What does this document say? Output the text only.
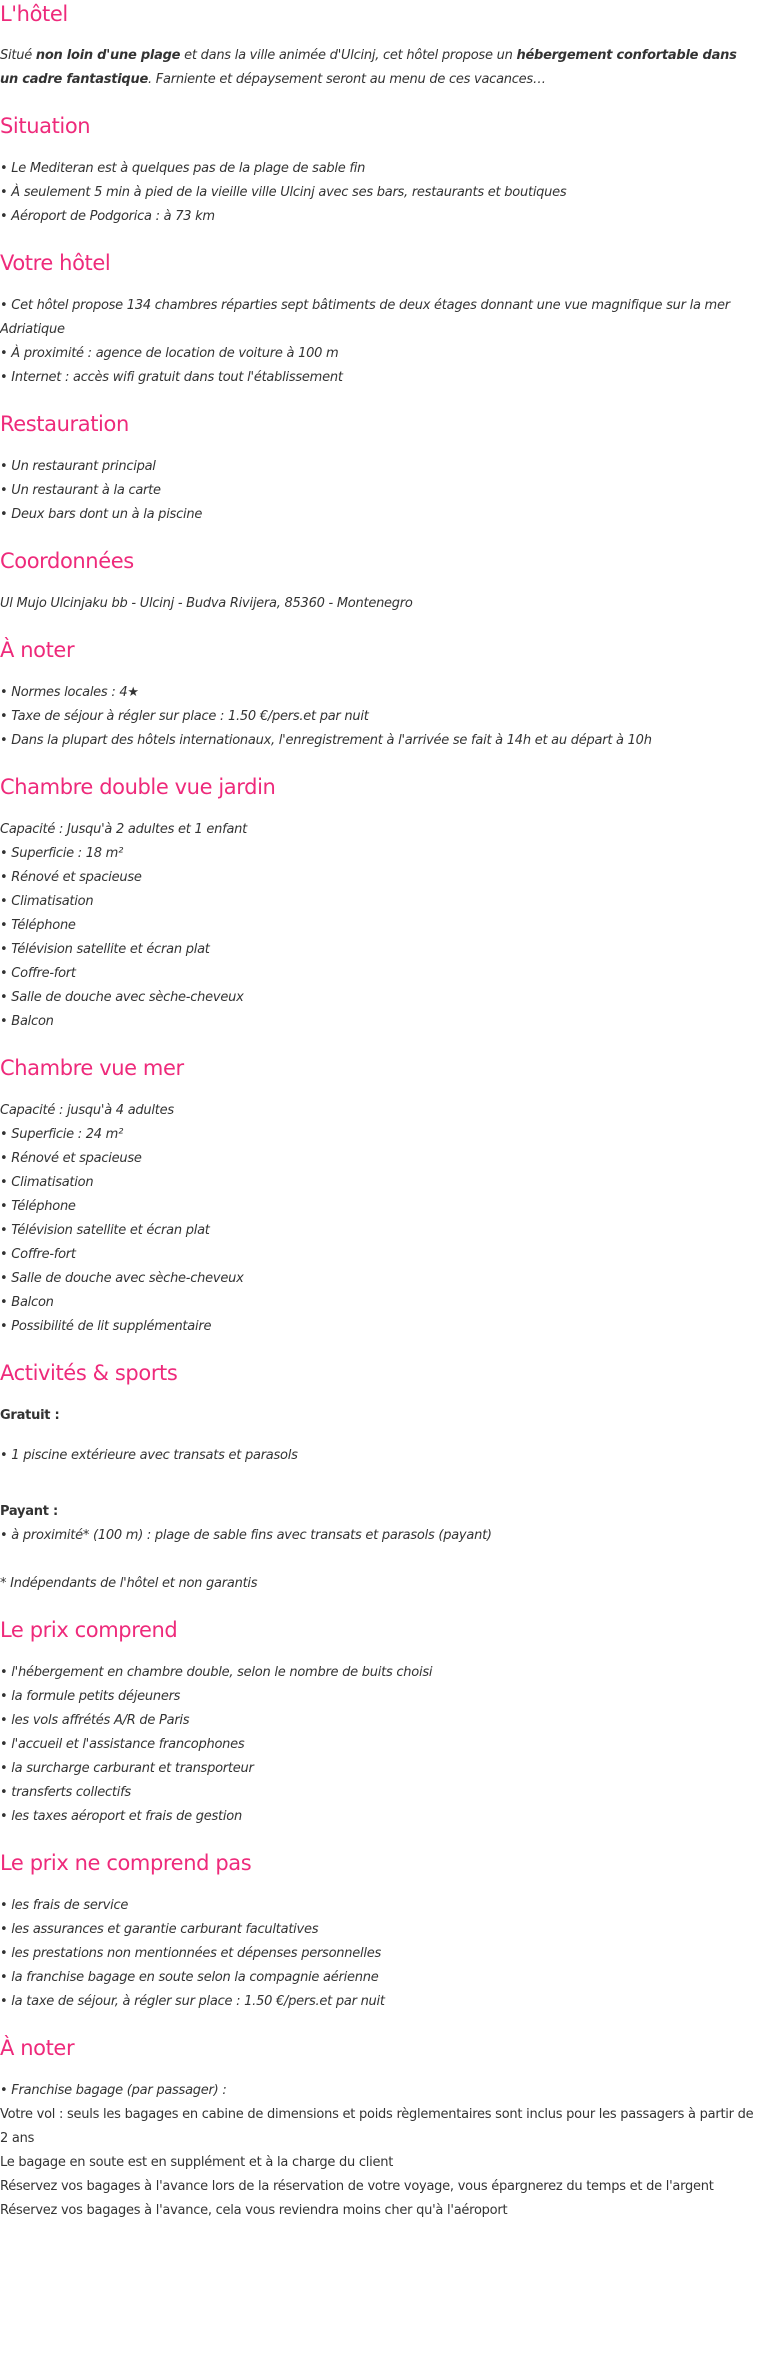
L'hôtel

Situé non loin d'une plage et dans la ville animée d'Ulcinj, cet hôtel propose un hébergement confortable dans un cadre fantastique. Farniente et dépaysement seront au menu de ces vacances…

Situation

• Le Mediteran est à quelques pas de la plage de sable fin

• À seulement 5 min à pied de la vieille ville Ulcinj avec ses bars, restaurants et boutiques

• Aéroport de Podgorica : à 73 km

Votre hôtel

• Cet hôtel propose 134 chambres réparties sept bâtiments de deux étages donnant une vue magnifique sur la mer Adriatique

• À proximité : agence de location de voiture à 100 m

• Internet : accès wifi gratuit dans tout l'établissement

Restauration

• Un restaurant principal

• Un restaurant à la carte

• Deux bars dont un à la piscine

Coordonnées

Ul Mujo Ulcinjaku bb - Ulcinj - Budva Rivijera, 85360 - Montenegro

À noter

• Normes locales : 4★

• Taxe de séjour à régler sur place : 1.50 €/pers.et par nuit

• Dans la plupart des hôtels internationaux, l'enregistrement à l'arrivée se fait à 14h et au départ à 10h

Chambre double vue jardin

Capacité : Jusqu'à 2 adultes et 1 enfant

• Superficie : 18 m²

• Rénové et spacieuse

• Climatisation

• Téléphone

• Télévision satellite et écran plat

• Coffre-fort

• Salle de douche avec sèche-cheveux

• Balcon

Chambre vue mer

Capacité : jusqu'à 4 adultes

• Superficie : 24 m²

• Rénové et spacieuse

• Climatisation

• Téléphone

• Télévision satellite et écran plat

• Coffre-fort

• Salle de douche avec sèche-cheveux

• Balcon

• Possibilité de lit supplémentaire

Activités & sports

Gratuit :

• 1 piscine extérieure avec transats et parasols

Payant :

• à proximité* (100 m) : plage de sable fins avec transats et parasols (payant)

* Indépendants de l'hôtel et non garantis

Le prix comprend

• l'hébergement en chambre double, selon le nombre de buits choisi

• la formule petits déjeuners

• les vols affrétés A/R de Paris

• l'accueil et l'assistance francophones

• la surcharge carburant et transporteur

• transferts collectifs

• les taxes aéroport et frais de gestion

Le prix ne comprend pas

• les frais de service

• les assurances et garantie carburant facultatives

• les prestations non mentionnées et dépenses personnelles

• la franchise bagage en soute selon la compagnie aérienne

• la taxe de séjour, à régler sur place : 1.50 €/pers.et par nuit

À noter

• Franchise bagage (par passager) :

Votre vol : seuls les bagages en cabine de dimensions et poids règlementaires sont inclus pour les passagers à partir de 2 ans

Le bagage en soute est en supplément et à la charge du client

Réservez vos bagages à l'avance lors de la réservation de votre voyage, vous épargnerez du temps et de l'argent

Réservez vos bagages à l'avance, cela vous reviendra moins cher qu'à l'aéroport
